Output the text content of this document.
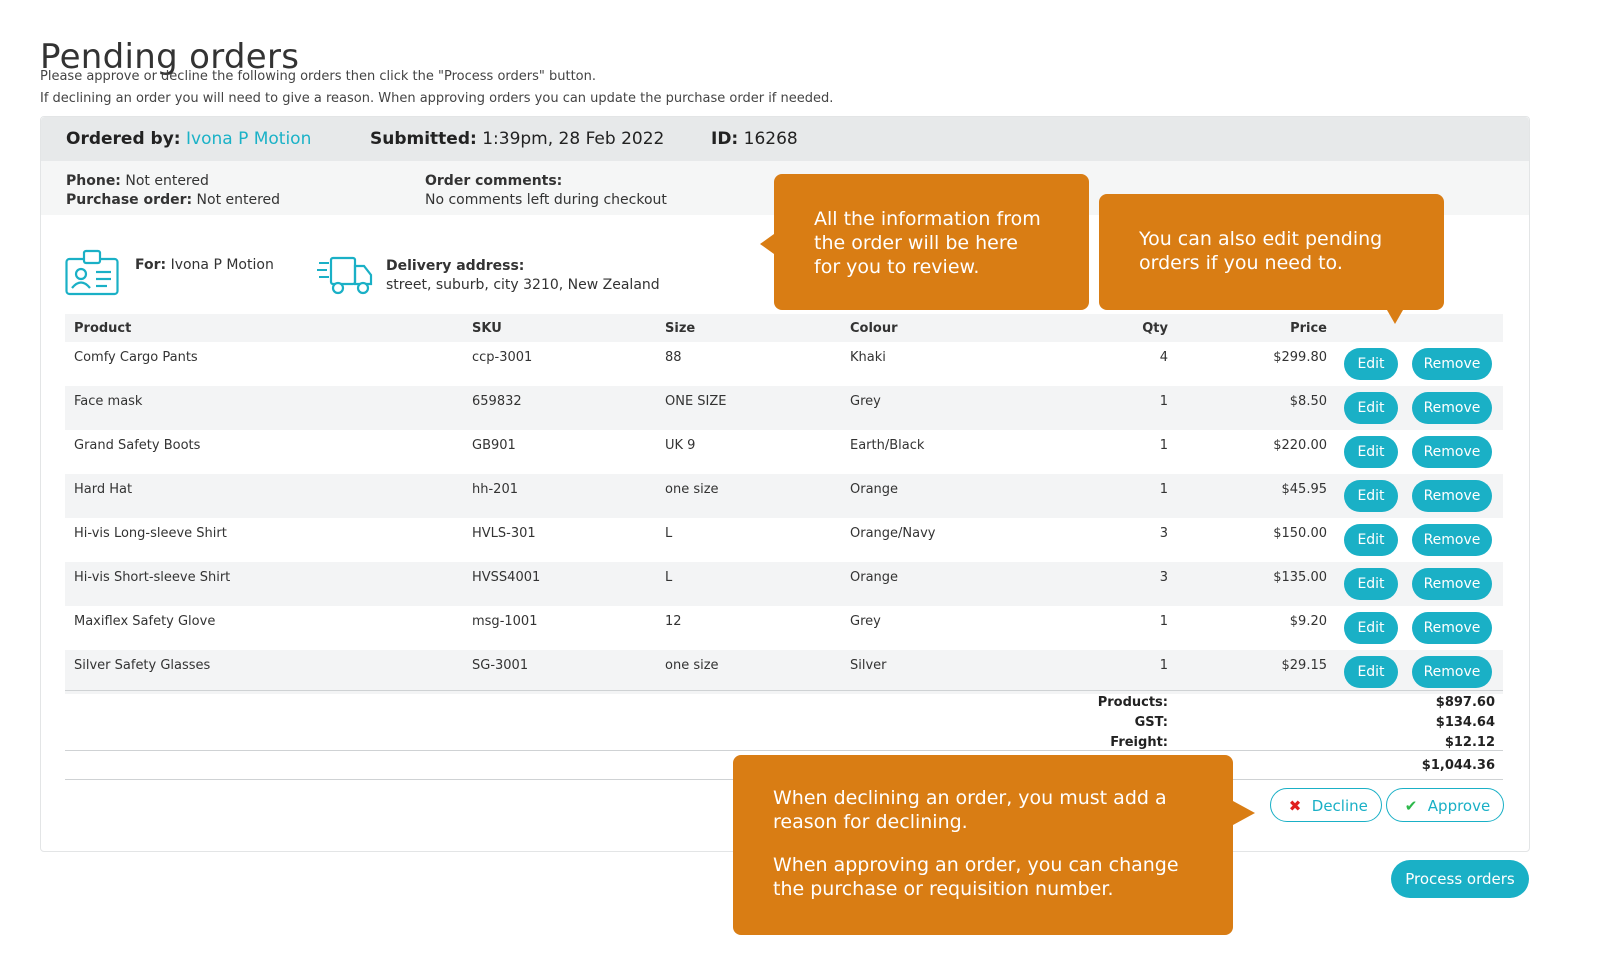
Pending orders
Please approve or decline the following orders then click the "Process orders" button.
If declining an order you will need to give a reason. When approving orders you can update the purchase order if needed.
Ordered by: Ivona P Motion	Submitted: 1:39pm, 28 Feb 2022	ID: 16268
Phone: Not entered
Purchase order: Not entered
Order comments:
No comments left during checkout
For: Ivona P Motion	Delivery address:
street, suburb, city 3210, New Zealand
Product	SKU	Size	Colour	Qty	Price	
Comfy Cargo Pants	ccp-3001	88	Khaki	4	$299.80	Edit Remove
Face mask	659832	ONE SIZE	Grey	1	$8.50	Edit Remove
Grand Safety Boots	GB901	UK 9	Earth/Black	1	$220.00	Edit Remove
Hard Hat	hh-201	one size	Orange	1	$45.95	Edit Remove
Hi-vis Long-sleeve Shirt	HVLS-301	L	Orange/Navy	3	$150.00	Edit Remove
Hi-vis Short-sleeve Shirt	HVSS4001	L	Orange	3	$135.00	Edit Remove
Maxiflex Safety Glove	msg-1001	12	Grey	1	$9.20	Edit Remove
Silver Safety Glasses	SG-3001	one size	Silver	1	$29.15	Edit Remove
Products:	$897.60
GST:	$134.64
Freight:	$12.12
$1,044.36
✖ Decline	✔ Approve
Process orders
All the information from the order will be here for you to review.
You can also edit pending orders if you need to.

When declining an order, you must add a reason for declining.

When approving an order, you can change the purchase or requisition number.
